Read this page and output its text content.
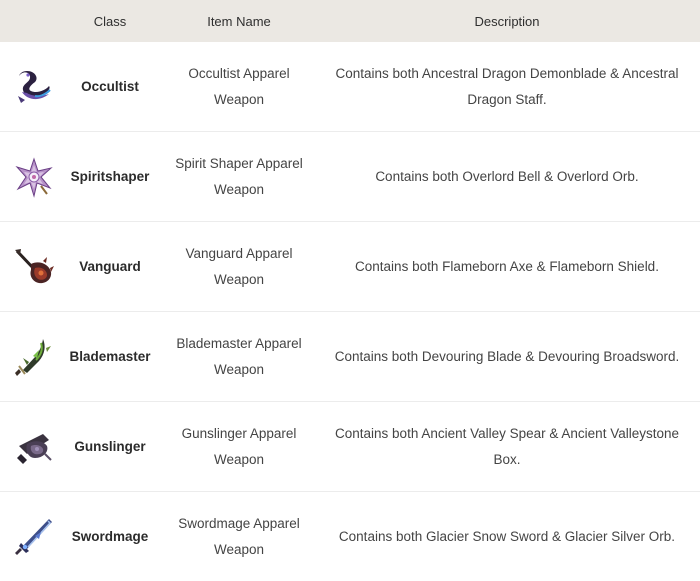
	Class	Item Name	Description

	Occultist	Occultist Apparel
Weapon	Contains both Ancestral Dragon Demonblade & Ancestral Dragon Staff.

	Spiritshaper	Spirit Shaper Apparel
Weapon	Contains both Overlord Bell & Overlord Orb.

	Vanguard	Vanguard Apparel
Weapon	Contains both Flameborn Axe & Flameborn Shield.

	Blademaster	Blademaster Apparel
Weapon	Contains both Devouring Blade & Devouring Broadsword.

	Gunslinger	Gunslinger Apparel
Weapon	Contains both Ancient Valley Spear & Ancient Valleystone Box.

	Swordmage	Swordmage Apparel
Weapon	Contains both Glacier Snow Sword & Glacier Silver Orb.
